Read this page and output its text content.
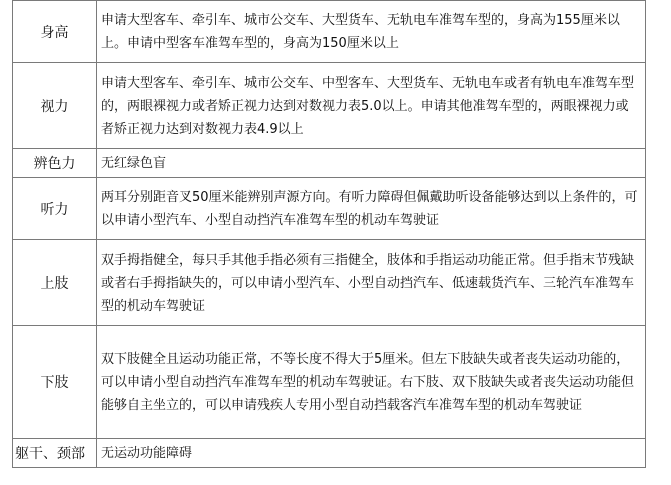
身高	申请大型客车、牵引车、城市公交车、大型货车、无轨电车准驾车型的，身高为155厘米以上。申请中型客车准驾车型的，身高为150厘米以上
视力	申请大型客车、牵引车、城市公交车、中型客车、大型货车、无轨电车或者有轨电车准驾车型的，两眼裸视力或者矫正视力达到对数视力表5.0以上。申请其他准驾车型的，两眼裸视力或者矫正视力达到对数视力表4.9以上
辨色力	无红绿色盲
听力	两耳分别距音叉50厘米能辨别声源方向。有听力障碍但佩戴助听设备能够达到以上条件的，可以申请小型汽车、小型自动挡汽车准驾车型的机动车驾驶证
上肢	双手拇指健全，每只手其他手指必须有三指健全，肢体和手指运动功能正常。但手指末节残缺或者右手拇指缺失的，可以申请小型汽车、小型自动挡汽车、低速载货汽车、三轮汽车准驾车型的机动车驾驶证
下肢	双下肢健全且运动功能正常，不等长度不得大于5厘米。但左下肢缺失或者丧失运动功能的，可以申请小型自动挡汽车准驾车型的机动车驾驶证。右下肢、双下肢缺失或者丧失运动功能但能够自主坐立的，可以申请残疾人专用小型自动挡载客汽车准驾车型的机动车驾驶证
躯干、颈部	无运动功能障碍
